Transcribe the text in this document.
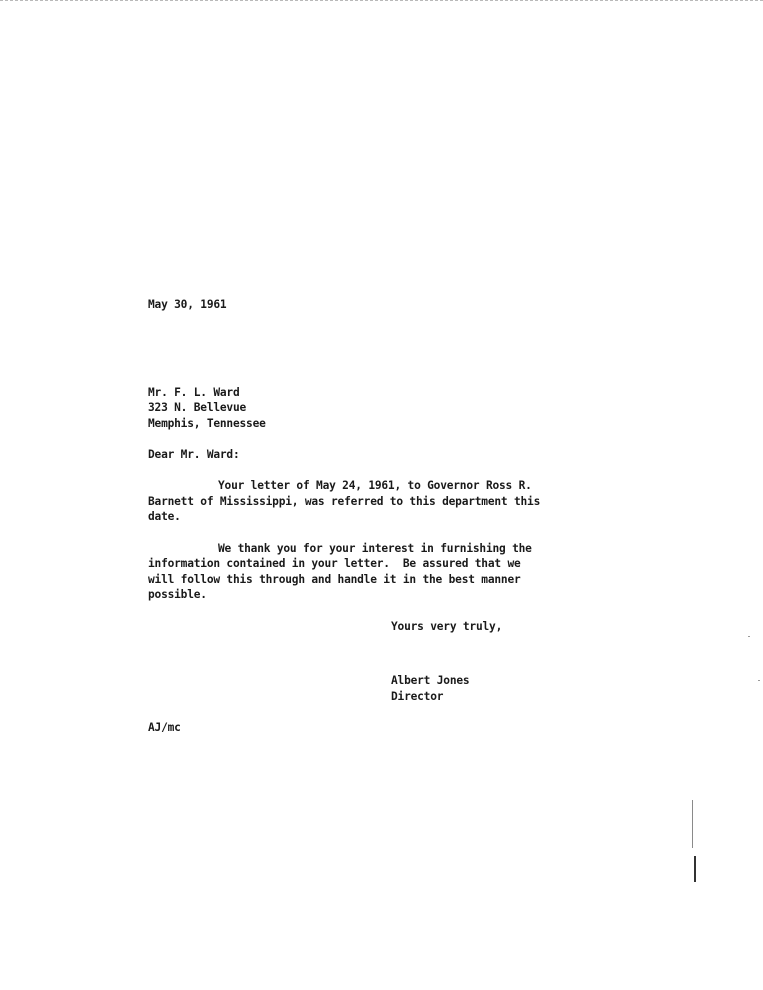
May 30, 1961
Mr. F. L. Ward
323 N. Bellevue
Memphis, Tennessee
Dear Mr. Ward:
Your letter of May 24, 1961, to Governor Ross R.
Barnett of Mississippi, was referred to this department this
date.
We thank you for your interest in furnishing the
information contained in your letter.  Be assured that we
will follow this through and handle it in the best manner
possible.
Yours very truly,
Albert Jones
Director
AJ/mc
